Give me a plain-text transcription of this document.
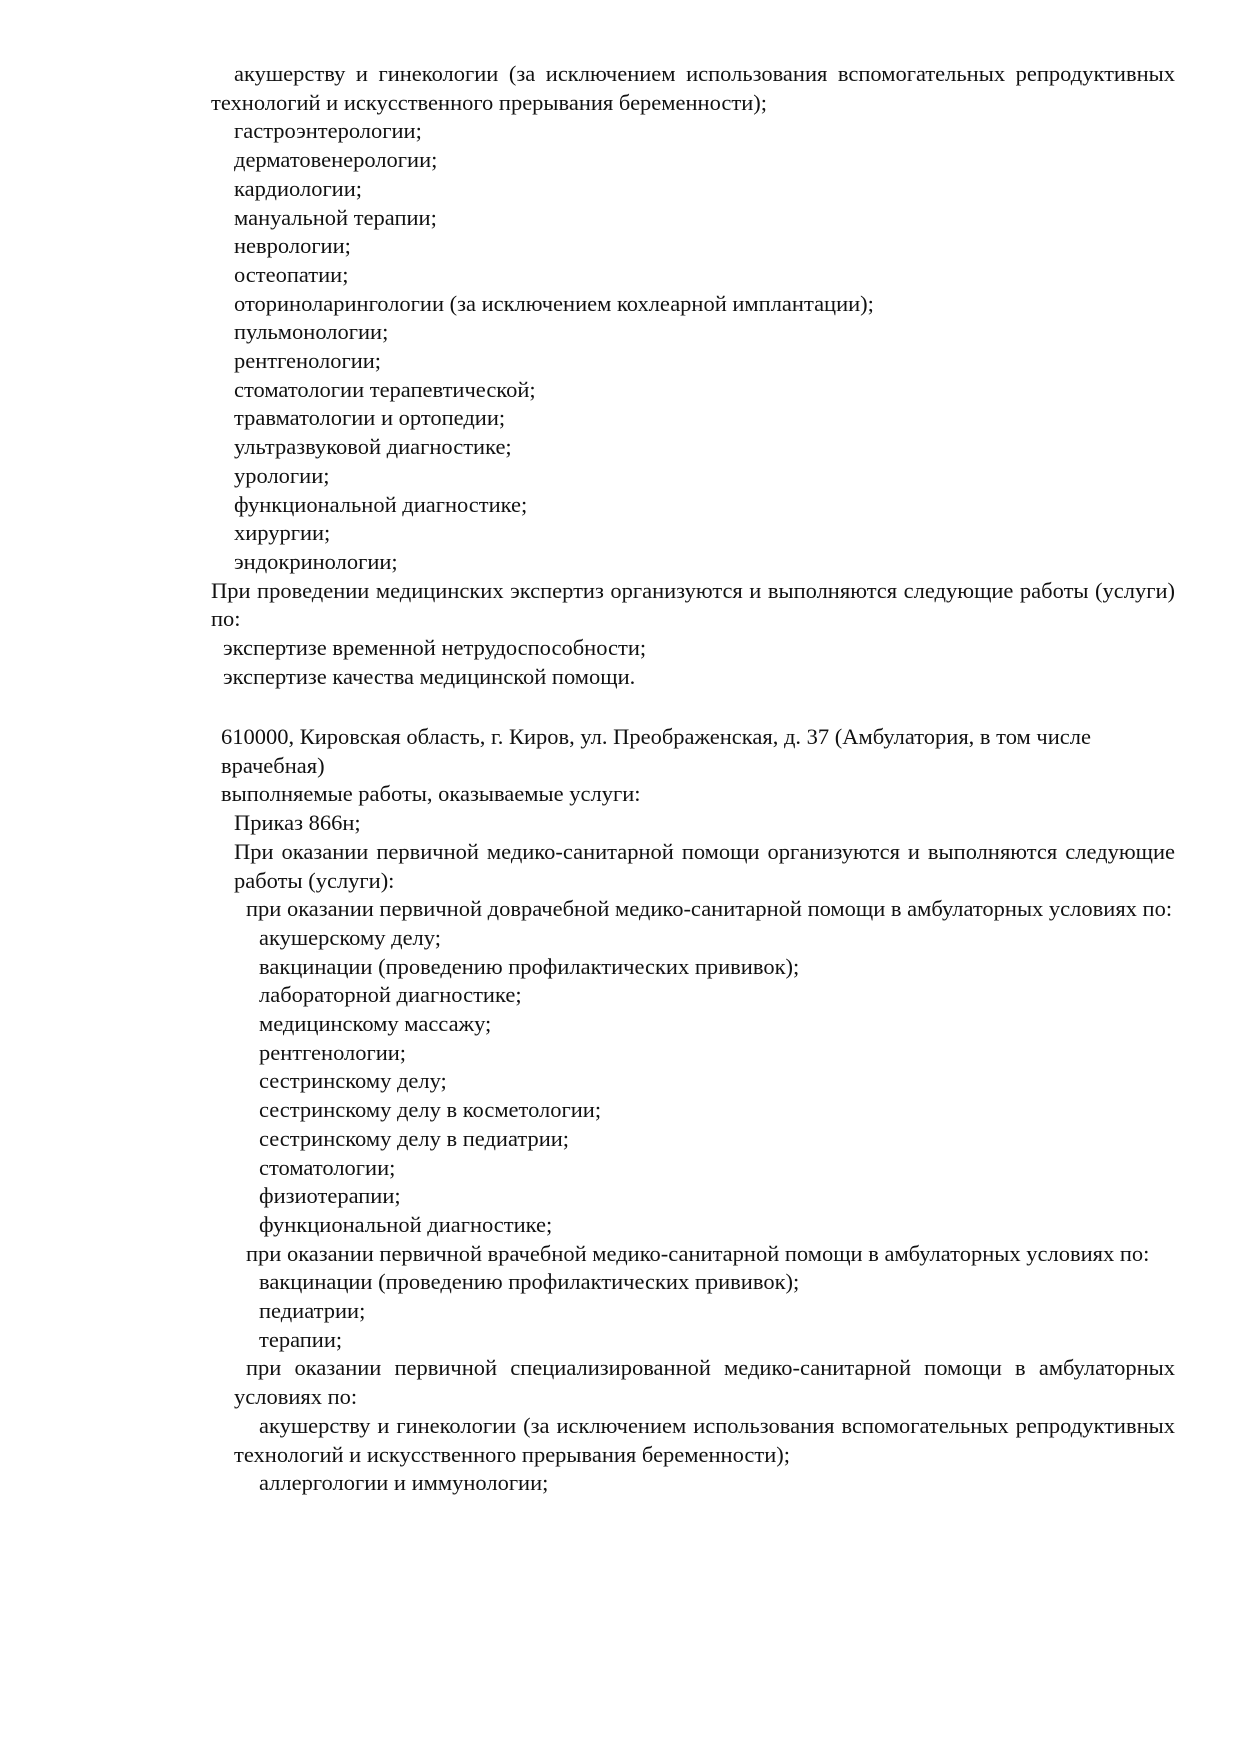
акушерству и гинекологии (за исключением использования вспомогательных репродуктивных технологий и искусственного прерывания беременности);

гастроэнтерологии;

дерматовенерологии;

кардиологии;

мануальной терапии;

неврологии;

остеопатии;

оториноларингологии (за исключением кохлеарной имплантации);

пульмонологии;

рентгенологии;

стоматологии терапевтической;

травматологии и ортопедии;

ультразвуковой диагностике;

урологии;

функциональной диагностике;

хирургии;

эндокринологии;

При проведении медицинских экспертиз организуются и выполняются следующие работы (услуги) по:

экспертизе временной нетрудоспособности;

экспертизе качества медицинской помощи.

610000, Кировская область, г. Киров, ул. Преображенская, д. 37 (Амбулатория, в том числе врачебная)

выполняемые работы, оказываемые услуги:

Приказ 866н;

При оказании первичной медико-санитарной помощи организуются и выполняются следующие работы (услуги):

при оказании первичной доврачебной медико-санитарной помощи в амбулаторных условиях по:

акушерскому делу;

вакцинации (проведению профилактических прививок);

лабораторной диагностике;

медицинскому массажу;

рентгенологии;

сестринскому делу;

сестринскому делу в косметологии;

сестринскому делу в педиатрии;

стоматологии;

физиотерапии;

функциональной диагностике;

при оказании первичной врачебной медико-санитарной помощи в амбулаторных условиях по:

вакцинации (проведению профилактических прививок);

педиатрии;

терапии;

при оказании первичной специализированной медико-санитарной помощи в амбулаторных условиях по:

акушерству и гинекологии (за исключением использования вспомогательных репродуктивных технологий и искусственного прерывания беременности);

аллергологии и иммунологии;
